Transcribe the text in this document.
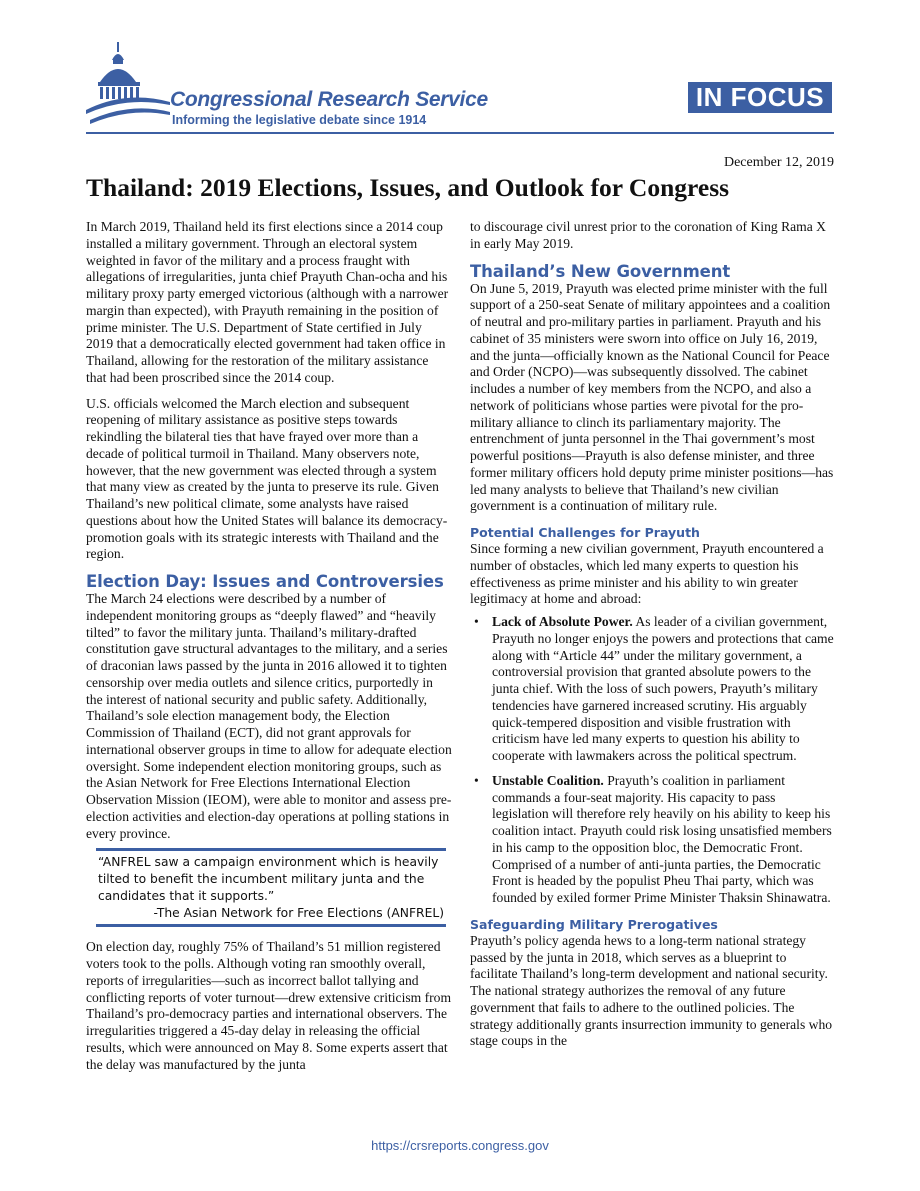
Congressional Research Service
Informing the legislative debate since 1914
IN FOCUS
December 12, 2019
Thailand: 2019 Elections, Issues, and Outlook for Congress

In March 2019, Thailand held its first elections since a 2014 coup installed a military government. Through an electoral system weighted in favor of the military and a process fraught with allegations of irregularities, junta chief Prayuth Chan-ocha and his military proxy party emerged victorious (although with a narrower margin than expected), with Prayuth remaining in the position of prime minister. The U.S. Department of State certified in July 2019 that a democratically elected government had taken office in Thailand, allowing for the restoration of the military assistance that had been proscribed since the 2014 coup.

U.S. officials welcomed the March election and subsequent reopening of military assistance as positive steps towards rekindling the bilateral ties that have frayed over more than a decade of political turmoil in Thailand. Many observers note, however, that the new government was elected through a system that many view as created by the junta to preserve its rule. Given Thailand’s new political climate, some analysts have raised questions about how the United States will balance its democracy-promotion goals with its strategic interests with Thailand and the region.

Election Day: Issues and Controversies

The March 24 elections were described by a number of independent monitoring groups as “deeply flawed” and “heavily tilted” to favor the military junta. Thailand’s military-drafted constitution gave structural advantages to the military, and a series of draconian laws passed by the junta in 2016 allowed it to tighten censorship over media outlets and silence critics, purportedly in the interest of national security and public safety. Additionally, Thailand’s sole election management body, the Election Commission of Thailand (ECT), did not grant approvals for international observer groups in time to allow for adequate election oversight. Some independent election monitoring groups, such as the Asian Network for Free Elections International Election Observation Mission (IEOM), were able to monitor and assess pre-election activities and election-day operations at polling stations in every province.

“ANFREL saw a campaign environment which is heavily tilted to benefit the incumbent military junta and the candidates that it supports.”
-The Asian Network for Free Elections (ANFREL)

On election day, roughly 75% of Thailand’s 51 million registered voters took to the polls. Although voting ran smoothly overall, reports of irregularities—such as incorrect ballot tallying and conflicting reports of voter turnout—drew extensive criticism from Thailand’s pro-democracy parties and international observers. The irregularities triggered a 45-day delay in releasing the official results, which were announced on May 8. Some experts assert that the delay was manufactured by the junta

to discourage civil unrest prior to the coronation of King Rama X in early May 2019.

Thailand’s New Government

On June 5, 2019, Prayuth was elected prime minister with the full support of a 250-seat Senate of military appointees and a coalition of neutral and pro-military parties in parliament. Prayuth and his cabinet of 35 ministers were sworn into office on July 16, 2019, and the junta—officially known as the National Council for Peace and Order (NCPO)—was subsequently dissolved. The cabinet includes a number of key members from the NCPO, and also a network of politicians whose parties were pivotal for the pro-military alliance to clinch its parliamentary majority. The entrenchment of junta personnel in the Thai government’s most powerful positions—Prayuth is also defense minister, and three former military officers hold deputy prime minister positions—has led many analysts to believe that Thailand’s new civilian government is a continuation of military rule.

Potential Challenges for Prayuth

Since forming a new civilian government, Prayuth encountered a number of obstacles, which led many experts to question his effectiveness as prime minister and his ability to win greater legitimacy at home and abroad:

• Lack of Absolute Power. As leader of a civilian government, Prayuth no longer enjoys the powers and protections that came along with “Article 44” under the military government, a controversial provision that granted absolute powers to the junta chief. With the loss of such powers, Prayuth’s military tendencies have garnered increased scrutiny. His arguably quick-tempered disposition and visible frustration with criticism have led many experts to question his ability to cooperate with lawmakers across the political spectrum.
• Unstable Coalition. Prayuth’s coalition in parliament commands a four-seat majority. His capacity to pass legislation will therefore rely heavily on his ability to keep his coalition intact. Prayuth could risk losing unsatisfied members in his camp to the opposition bloc, the Democratic Front. Comprised of a number of anti-junta parties, the Democratic Front is headed by the populist Pheu Thai party, which was founded by exiled former Prime Minister Thaksin Shinawatra.
Safeguarding Military Prerogatives

Prayuth’s policy agenda hews to a long-term national strategy passed by the junta in 2018, which serves as a blueprint to facilitate Thailand’s long-term development and national security. The national strategy authorizes the removal of any future government that fails to adhere to the outlined policies. The strategy additionally grants insurrection immunity to generals who stage coups in the

https://crsreports.congress.gov
